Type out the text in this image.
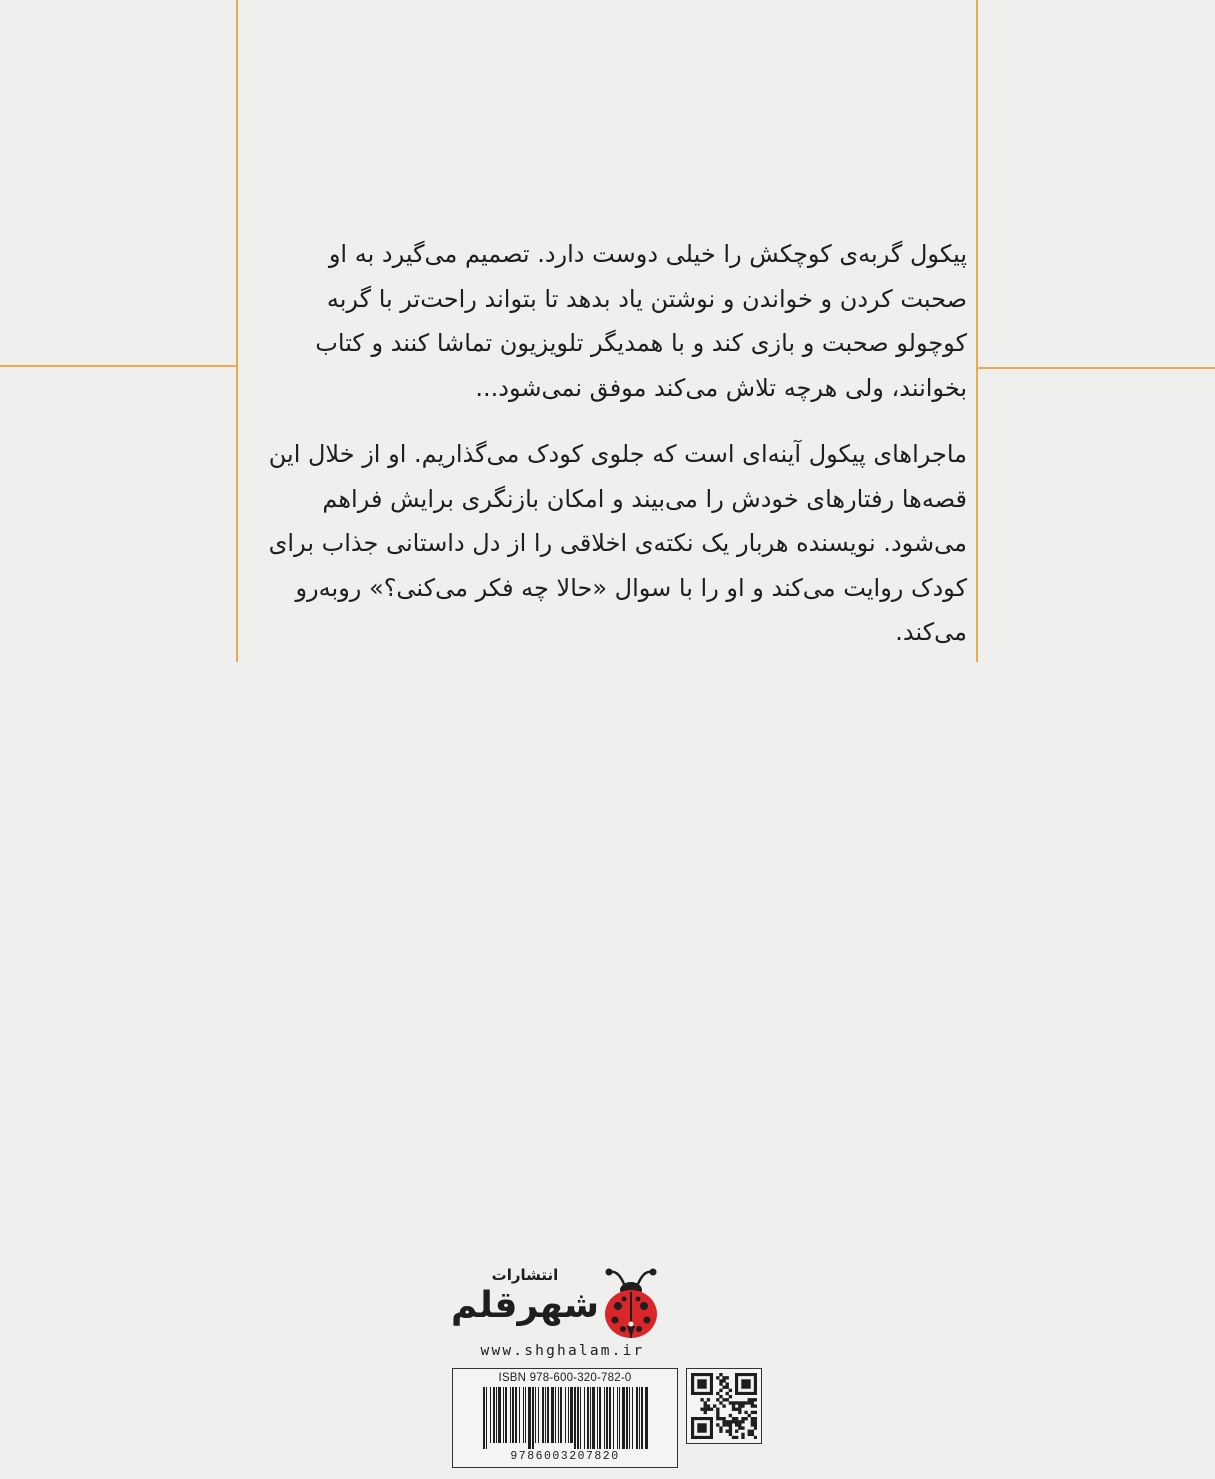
پیکول گربه‌ی کوچکش را خیلی دوست دارد. تصمیم می‌گیرد به او صحبت کردن و خواندن و نوشتن یاد بدهد تا بتواند راحت‌تر با گربه کوچولو صحبت و بازی کند و با همدیگر تلویزیون تماشا کنند و کتاب بخوانند، ولی هرچه تلاش می‌کند موفق نمی‌شود...

ماجراهای پیکول آینه‌ای است که جلوی کودک می‌گذاریم. او از خلال این قصه‌ها رفتارهای خودش را می‌بیند و امکان بازنگری برایش فراهم می‌شود. نویسنده هربار یک نکته‌ی اخلاقی را از دل داستانی جذاب برای کودک روایت می‌کند و او را با سوال «حالا چه فکر می‌کنی؟» روبه‌رو می‌کند.

انتشارات
شهرقلم
www.shghalam.ir
ISBN 978-600-320-782-0
9786003207820
